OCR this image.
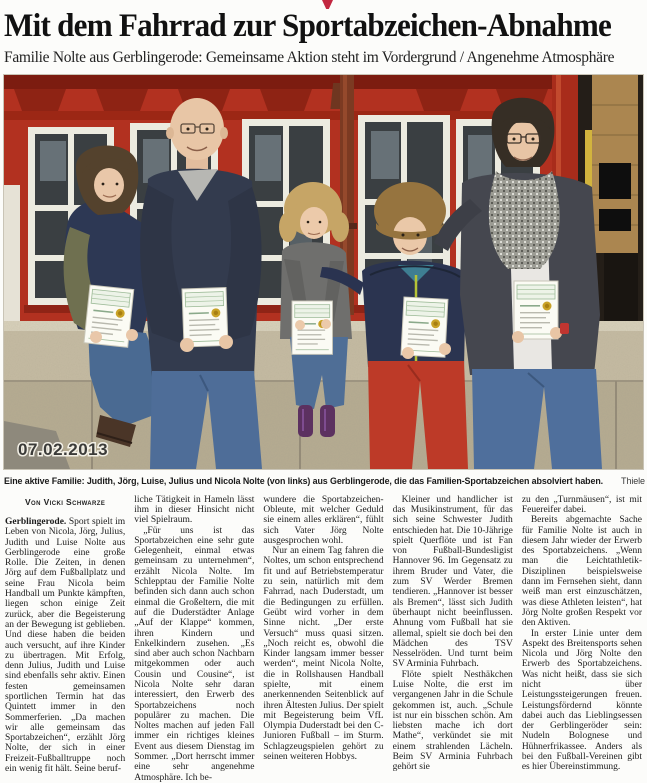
Mit dem Fahrrad zur Sportabzeichen-Abnahme
Familie Nolte aus Gerblingerode: Gemeinsame Aktion steht im Vordergrund / Angenehme Atmosphäre
07.02.2013
Eine aktive Familie: Judith, Jörg, Luise, Julius und Nicola Nolte (von links) aus Gerblingerode, die das Familien-Sportabzeichen absolviert haben.	Thiele
Von Vicki Schwarze

Gerblingerode. Sport spielt im Leben von Nicola, Jörg, Julius, Judith und Luise Nolte aus Gerblingerode eine große Rolle. Die Zeiten, in denen Jörg auf dem Fußballplatz und seine Frau Nicola beim Handball um Punkte kämpften, liegen schon einige Zeit zurück, aber die Begeisterung an der Bewegung ist geblieben. Und diese haben die beiden auch versucht, auf ihre Kinder zu übertragen. Mit Erfolg, denn Julius, Judith und Luise sind ebenfalls sehr aktiv. Einen festen gemeinsamen sportlichen Termin hat das Quintett immer in den Sommerferien. „Da machen wir alle gemeinsam das Sportabzeichen“, erzählt Jörg Nolte, der sich in einer Freizeit-Fußballtruppe noch ein wenig fit hält. Seine beruf-

liche Tätigkeit in Hameln lässt ihm in dieser Hinsicht nicht viel Spielraum.

„Für uns ist das Sportabzeichen eine sehr gute Gelegenheit, einmal etwas gemeinsam zu unternehmen“, erzählt Nicola Nolte. Im Schlepptau der Familie Nolte befinden sich dann auch schon einmal die Großeltern, die mit auf die Duderstädter Anlage „Auf der Klappe“ kommen, ihren Kindern und Enkelkindern zusehen. „Es sind aber auch schon Nachbarn mitgekommen oder auch Cousin und Cousine“, ist Nicola Nolte sehr daran interessiert, den Erwerb des Sportabzeichens noch populärer zu machen. Die Noltes machen auf jeden Fall immer ein richtiges kleines Event aus diesem Dienstag im Sommer. „Dort herrscht immer eine sehr angenehme Atmosphäre. Ich be-

wundere die Sportabzeichen-Obleute, mit welcher Geduld sie einem alles erklären“, fühlt sich Vater Jörg Nolte ausgesprochen wohl.

Nur an einem Tag fahren die Noltes, um schon entsprechend fit und auf Betriebstemperatur zu sein, natürlich mit dem Fahrrad, nach Duderstadt, um die Bedingungen zu erfüllen. Geübt wird vorher in dem Sinne nicht. „Der erste Versuch“ muss quasi sitzen. „Noch reicht es, obwohl die Kinder langsam immer besser werden“, meint Nicola Nolte, die in Rollshausen Handball spielte, mit einem anerkennenden Seitenblick auf ihren Ältesten Julius. Der spielt mit Begeisterung beim VfL Olympia Duderstadt bei den C-Junioren Fußball – im Sturm. Schlagzeugspielen gehört zu seinen weiteren Hobbys.

Kleiner und handlicher ist das Musikinstrument, für das sich seine Schwester Judith entschieden hat. Die 10-Jährige spielt Querflöte und ist Fan von Fußball-Bundesligist Hannover 96. Im Gegensatz zu ihrem Bruder und Vater, die zum SV Werder Bremen tendieren. „Hannover ist besser als Bremen“, lässt sich Judith überhaupt nicht beeinflussen. Ahnung vom Fußball hat sie allemal, spielt sie doch bei den Mädchen des TSV Nesselröden. Und turnt beim SV Arminia Fuhrbach.

Flöte spielt Nesthäkchen Luise Nolte, die erst im vergangenen Jahr in die Schule gekommen ist, auch. „Schule ist nur ein bisschen schön. Am liebsten mache ich dort Mathe“, verkündet sie mit einem strahlenden Lächeln. Beim SV Arminia Fuhrbach gehört sie

zu den „Turnmäusen“, ist mit Feuereifer dabei.

Bereits abgemachte Sache für Familie Nolte ist auch in diesem Jahr wieder der Erwerb des Sportabzeichens. „Wenn man die Leichtathletik-Disziplinen beispielsweise dann im Fernsehen sieht, dann weiß man erst einzuschätzen, was diese Athleten leisten“, hat Jörg Nolte großen Respekt vor den Aktiven.

In erster Linie unter dem Aspekt des Breitensports sehen Nicola und Jörg Nolte den Erwerb des Sportabzeichens. Was nicht heißt, dass sie sich nicht über Leistungssteigerungen freuen. Leistungsfördernd könnte dabei auch das Lieblingsessen der Gerblingeröder sein: Nudeln Bolognese und Hühnerfrikassee. Anders als bei den Fußball-Vereinen gibt es hier Übereinstimmung.
